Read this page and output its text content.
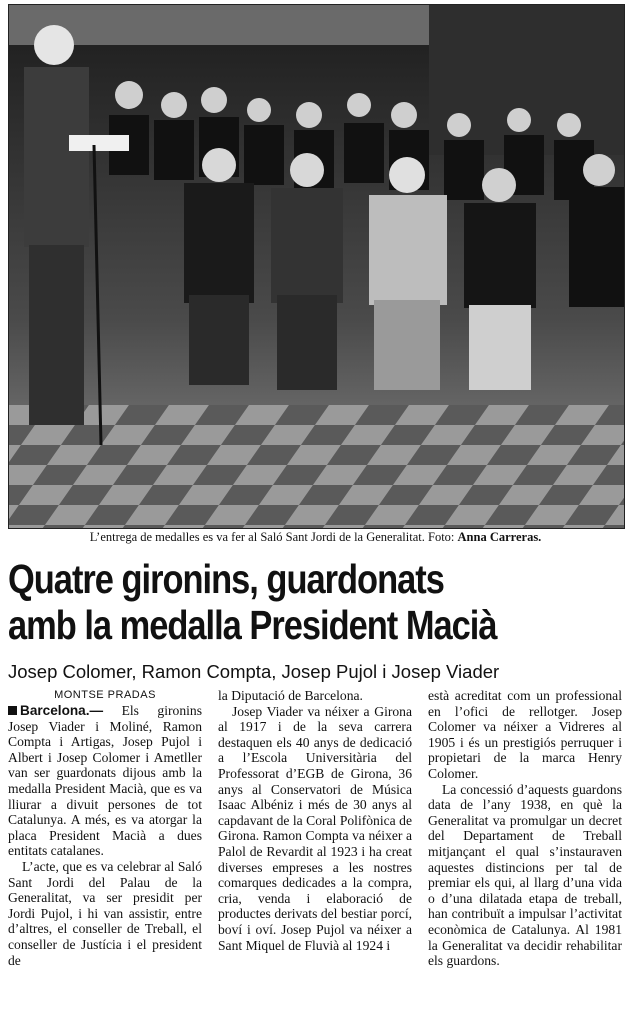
L’entrega de medalles es va fer al Saló Sant Jordi de la Generalitat. Foto: Anna Carreras.
Quatre gironins, guardonats
amb la medalla President Macià
Josep Colomer, Ramon Compta, Josep Pujol i Josep Viader
MONTSE PRADAS

Barcelona.— Els gironins Josep Viader i Moliné, Ramon Compta i Artigas, Josep Pujol i Albert i Josep Colomer i Ametller van ser guardonats dijous amb la medalla President Macià, que es va lliurar a divuit persones de tot Catalunya. A més, es va atorgar la placa President Macià a dues entitats catalanes.

L’acte, que es va celebrar al Saló Sant Jordi del Palau de la Generalitat, va ser presidit per Jordi Pujol, i hi van assistir, entre d’altres, el conseller de Treball, el conseller de Justícia i el president de

la Diputació de Barcelona.

Josep Viader va néixer a Girona al 1917 i de la seva carrera destaquen els 40 anys de dedicació a l’Escola Universitària del Professorat d’EGB de Girona, 36 anys al Conservatori de Música Isaac Albéniz i més de 30 anys al capdavant de la Coral Polifònica de Girona. Ramon Compta va néixer a Palol de Revardit al 1923 i ha creat diverses empreses a les nostres comarques dedicades a la compra, cria, venda i elaboració de productes derivats del bestiar porcí, boví i oví. Josep Pujol va néixer a Sant Miquel de Fluvià al 1924 i

està acreditat com un professional en l’ofici de rellotger. Josep Colomer va néixer a Vidreres al 1905 i és un prestigiós perruquer i propietari de la marca Henry Colomer.

La concessió d’aquests guardons data de l’any 1938, en què la Generalitat va promulgar un decret del Departament de Treball mitjançant el qual s’instauraven aquestes distincions per tal de premiar els qui, al llarg d’una vida o d’una dilatada etapa de treball, han contribuït a impulsar l’activitat econòmica de Catalunya. Al 1981 la Generalitat va decidir rehabilitar els guardons.
